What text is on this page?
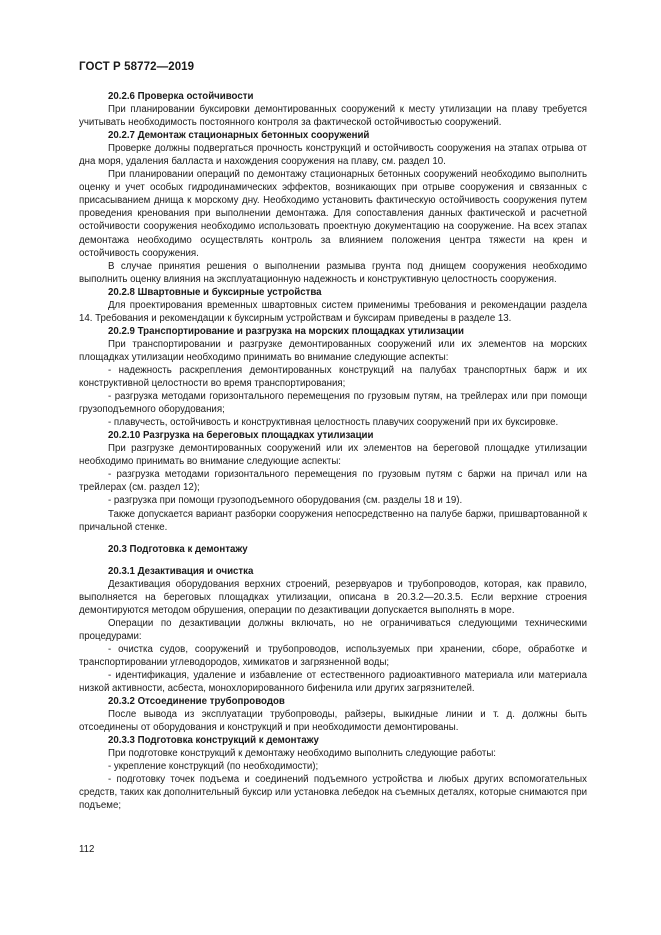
ГОСТ Р 58772—2019

20.2.6 Проверка остойчивости

При планировании буксировки демонтированных сооружений к месту утилизации на плаву требуется учитывать необходимость постоянного контроля за фактической остойчивостью сооружений.

20.2.7 Демонтаж стационарных бетонных сооружений

Проверке должны подвергаться прочность конструкций и остойчивость сооружения на этапах отрыва от дна моря, удаления балласта и нахождения сооружения на плаву, см. раздел 10.

При планировании операций по демонтажу стационарных бетонных сооружений необходимо выполнить оценку и учет особых гидродинамических эффектов, возникающих при отрыве сооружения и связанных с присасыванием днища к морскому дну. Необходимо установить фактическую остойчивость сооружения путем проведения кренования при выполнении демонтажа. Для сопоставления данных фактической и расчетной остойчивости сооружения необходимо использовать проектную документацию на сооружение. На всех этапах демонтажа необходимо осуществлять контроль за влиянием положения центра тяжести на крен и остойчивость сооружения.

В случае принятия решения о выполнении размыва грунта под днищем сооружения необходимо выполнить оценку влияния на эксплуатационную надежность и конструктивную целостность сооружения.

20.2.8 Швартовные и буксирные устройства

Для проектирования временных швартовных систем применимы требования и рекомендации раздела 14. Требования и рекомендации к буксирным устройствам и буксирам приведены в разделе 13.

20.2.9 Транспортирование и разгрузка на морских площадках утилизации

При транспортировании и разгрузке демонтированных сооружений или их элементов на морских площадках утилизации необходимо принимать во внимание следующие аспекты:

- надежность раскрепления демонтированных конструкций на палубах транспортных барж и их конструктивной целостности во время транспортирования;

- разгрузка методами горизонтального перемещения по грузовым путям, на трейлерах или при помощи грузоподъемного оборудования;

- плавучесть, остойчивость и конструктивная целостность плавучих сооружений при их буксировке.

20.2.10 Разгрузка на береговых площадках утилизации

При разгрузке демонтированных сооружений или их элементов на береговой площадке утилизации необходимо принимать во внимание следующие аспекты:

- разгрузка методами горизонтального перемещения по грузовым путям с баржи на причал или на трейлерах (см. раздел 12);

- разгрузка при помощи грузоподъемного оборудования (см. разделы 18 и 19).

Также допускается вариант разборки сооружения непосредственно на палубе баржи, пришвартованной к причальной стенке.

20.3 Подготовка к демонтажу

20.3.1 Дезактивация и очистка

Дезактивация оборудования верхних строений, резервуаров и трубопроводов, которая, как правило, выполняется на береговых площадках утилизации, описана в 20.3.2—20.3.5. Если верхние строения демонтируются методом обрушения, операции по дезактивации допускается выполнять в море.

Операции по дезактивации должны включать, но не ограничиваться следующими техническими процедурами:

- очистка судов, сооружений и трубопроводов, используемых при хранении, сборе, обработке и транспортировании углеводородов, химикатов и загрязненной воды;

- идентификация, удаление и избавление от естественного радиоактивного материала или материала низкой активности, асбеста, монохлорированного бифенила или других загрязнителей.

20.3.2 Отсоединение трубопроводов

После вывода из эксплуатации трубопроводы, райзеры, выкидные линии и т. д. должны быть отсоединены от оборудования и конструкций и при необходимости демонтированы.

20.3.3 Подготовка конструкций к демонтажу

При подготовке конструкций к демонтажу необходимо выполнить следующие работы:

- укрепление конструкций (по необходимости);

- подготовку точек подъема и соединений подъемного устройства и любых других вспомогательных средств, таких как дополнительный буксир или установка лебедок на съемных деталях, которые снимаются при подъеме;

112
